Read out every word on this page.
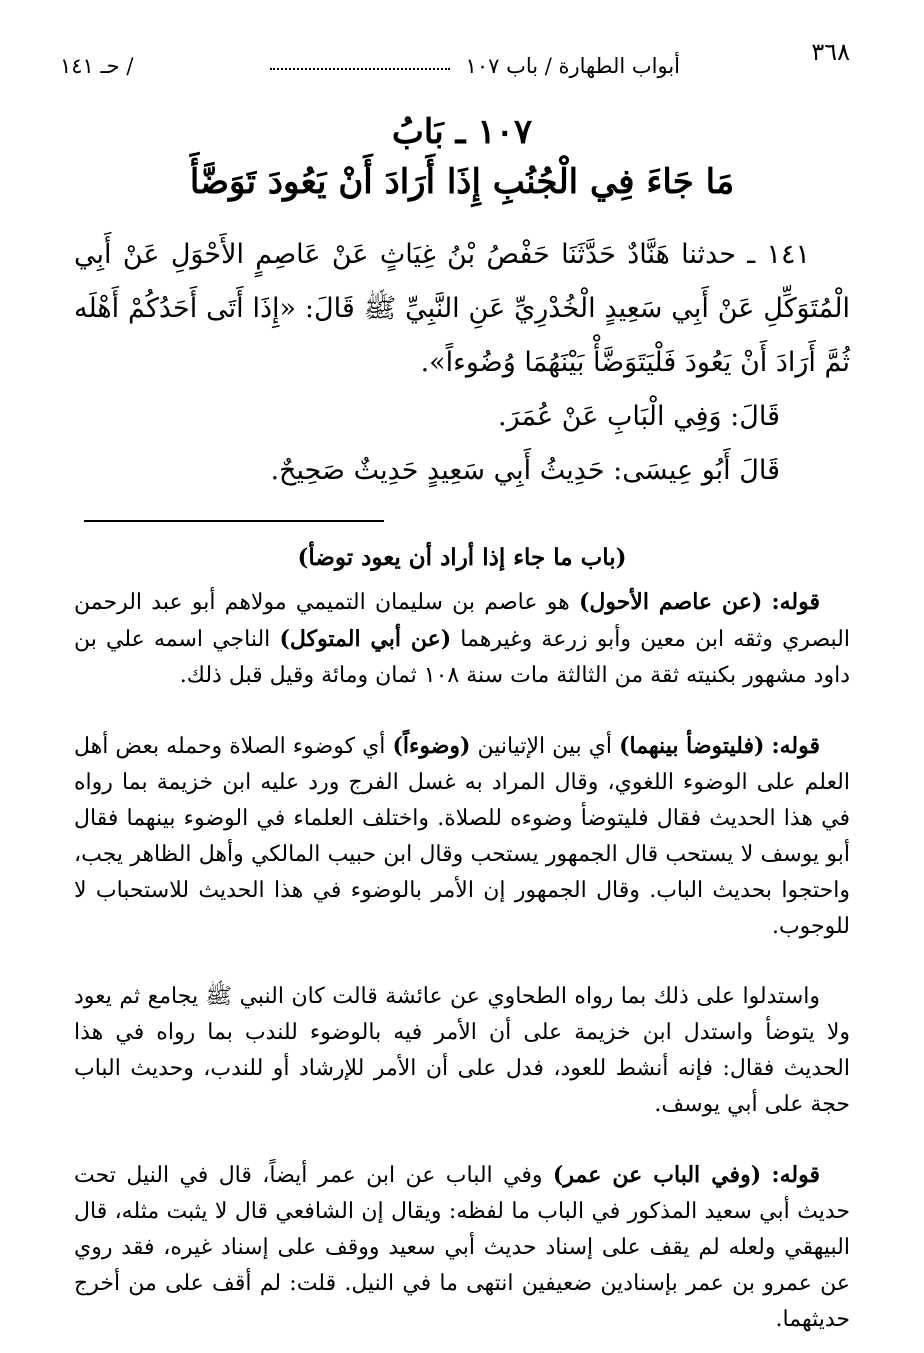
٣٦٨
أبواب الطهارة / باب ١٠٧
/ حـ ١٤١
١٠٧ ـ بَابُ
مَا جَاءَ فِي الْجُنُبِ إِذَا أَرَادَ أَنْ يَعُودَ تَوَضَّأَ

١٤١ ـ حدثنا هَنَّادٌ حَدَّثَنَا حَفْصُ بْنُ غِيَاثٍ عَنْ عَاصِمٍ الأَحْوَلِ عَنْ أَبِي الْمُتَوَكِّلِ عَنْ أَبِي سَعِيدٍ الْخُدْرِيِّ عَنِ النَّبِيِّ ﷺ قَالَ: «إِذَا أَتَى أَحَدُكُمْ أَهْلَه ثُمَّ أَرَادَ أَنْ يَعُودَ فَلْيَتَوَضَّأْ بَيْنَهُمَا وُضُوءاً».

قَالَ: وَفِي الْبَابِ عَنْ عُمَرَ.

قَالَ أَبُو عِيسَى: حَدِيثُ أَبِي سَعِيدٍ حَدِيثٌ صَحِيحٌ.

(باب ما جاء إذا أراد أن يعود توضأ)

قوله: (عن عاصم الأحول) هو عاصم بن سليمان التميمي مولاهم أبو عبد الرحمن البصري وثقه ابن معين وأبو زرعة وغيرهما (عن أبي المتوكل) الناجي اسمه علي بن داود مشهور بكنيته ثقة من الثالثة مات سنة ١٠٨ ثمان ومائة وقيل قبل ذلك.

قوله: (فليتوضأ بينهما) أي بين الإتيانين (وضوءاً) أي كوضوء الصلاة وحمله بعض أهل العلم على الوضوء اللغوي، وقال المراد به غسل الفرج ورد عليه ابن خزيمة بما رواه في هذا الحديث فقال فليتوضأ وضوءه للصلاة. واختلف العلماء في الوضوء بينهما فقال أبو يوسف لا يستحب قال الجمهور يستحب وقال ابن حبيب المالكي وأهل الظاهر يجب، واحتجوا بحديث الباب. وقال الجمهور إن الأمر بالوضوء في هذا الحديث للاستحباب لا للوجوب.

واستدلوا على ذلك بما رواه الطحاوي عن عائشة قالت كان النبي ﷺ يجامع ثم يعود ولا يتوضأ واستدل ابن خزيمة على أن الأمر فيه بالوضوء للندب بما رواه في هذا الحديث فقال: فإنه أنشط للعود، فدل على أن الأمر للإرشاد أو للندب، وحديث الباب حجة على أبي يوسف.

قوله: (وفي الباب عن عمر) وفي الباب عن ابن عمر أيضاً، قال في النيل تحت حديث أبي سعيد المذكور في الباب ما لفظه: ويقال إن الشافعي قال لا يثبت مثله، قال البيهقي ولعله لم يقف على إسناد حديث أبي سعيد ووقف على إسناد غيره، فقد روي عن عمرو بن عمر بإسنادين ضعيفين انتهى ما في النيل. قلت: لم أقف على من أخرج حديثهما.
